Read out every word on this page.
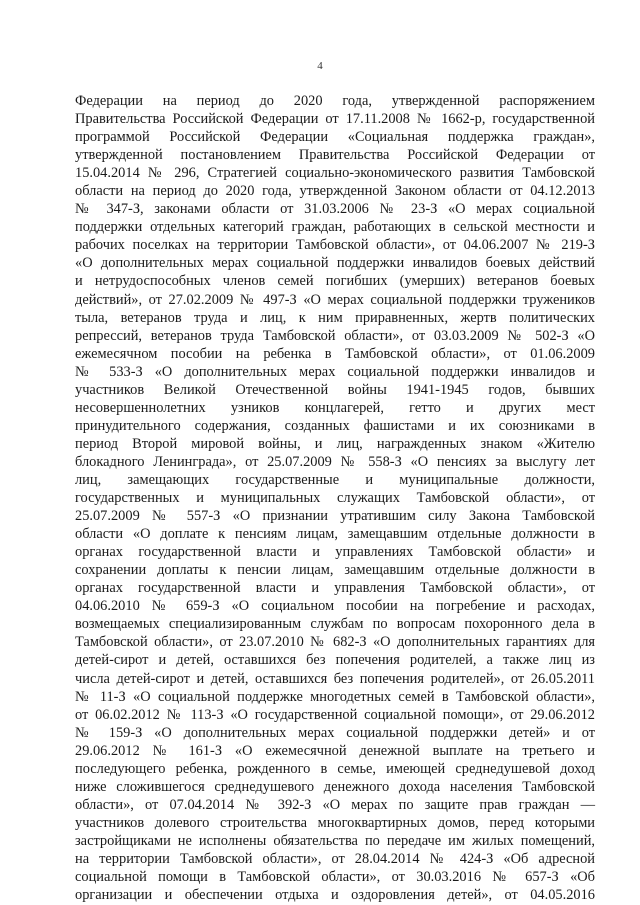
4
Федерации на период до 2020 года, утвержденной распоряжением
Правительства Российской Федерации от 17.11.2008 № 1662-р, государственной
программой Российской Федерации «Социальная поддержка граждан»,
утвержденной постановлением Правительства Российской Федерации от
15.04.2014 № 296, Стратегией социально-экономического развития Тамбовской
области на период до 2020 года, утвержденной Законом области от 04.12.2013
№ 347-З, законами области от 31.03.2006 № 23-З «О мерах социальной
поддержки отдельных категорий граждан, работающих в сельской местности и
рабочих поселках на территории Тамбовской области», от 04.06.2007 № 219-З
«О дополнительных мерах социальной поддержки инвалидов боевых действий
и нетрудоспособных членов семей погибших (умерших) ветеранов боевых
действий», от 27.02.2009 № 497-З «О мерах социальной поддержки тружеников
тыла, ветеранов труда и лиц, к ним приравненных, жертв политических
репрессий, ветеранов труда Тамбовской области», от 03.03.2009 № 502-З «О
ежемесячном пособии на ребенка в Тамбовской области», от 01.06.2009
№ 533-З «О дополнительных мерах социальной поддержки инвалидов и
участников Великой Отечественной войны 1941-1945 годов, бывших
несовершеннолетних узников концлагерей, гетто и других мест
принудительного содержания, созданных фашистами и их союзниками в
период Второй мировой войны, и лиц, награжденных знаком «Жителю
блокадного Ленинграда», от 25.07.2009 № 558-З «О пенсиях за выслугу лет
лиц, замещающих государственные и муниципальные должности,
государственных и муниципальных служащих Тамбовской области», от
25.07.2009 № 557-З «О признании утратившим силу Закона Тамбовской
области «О доплате к пенсиям лицам, замещавшим отдельные должности в
органах государственной власти и управлениях Тамбовской области» и
сохранении доплаты к пенсии лицам, замещавшим отдельные должности в
органах государственной власти и управления Тамбовской области», от
04.06.2010 № 659-З «О социальном пособии на погребение и расходах,
возмещаемых специализированным службам по вопросам похоронного дела в
Тамбовской области», от 23.07.2010 № 682-З «О дополнительных гарантиях для
детей-сирот и детей, оставшихся без попечения родителей, а также лиц из
числа детей-сирот и детей, оставшихся без попечения родителей», от 26.05.2011
№ 11-З «О социальной поддержке многодетных семей в Тамбовской области»,
от 06.02.2012 № 113-З «О государственной социальной помощи», от 29.06.2012
№ 159-З «О дополнительных мерах социальной поддержки детей» и от
29.06.2012 № 161-З «О ежемесячной денежной выплате на третьего и
последующего ребенка, рожденного в семье, имеющей среднедушевой доход
ниже сложившегося среднедушевого денежного дохода населения Тамбовской
области», от 07.04.2014 № 392-З «О мерах по защите прав граждан —
участников долевого строительства многоквартирных домов, перед которыми
застройщиками не исполнены обязательства по передаче им жилых помещений,
на территории Тамбовской области», от 28.04.2014 № 424-З «Об адресной
социальной помощи в Тамбовской области», от 30.03.2016 № 657-З «Об
организации и обеспечении отдыха и оздоровления детей», от 04.05.2016
